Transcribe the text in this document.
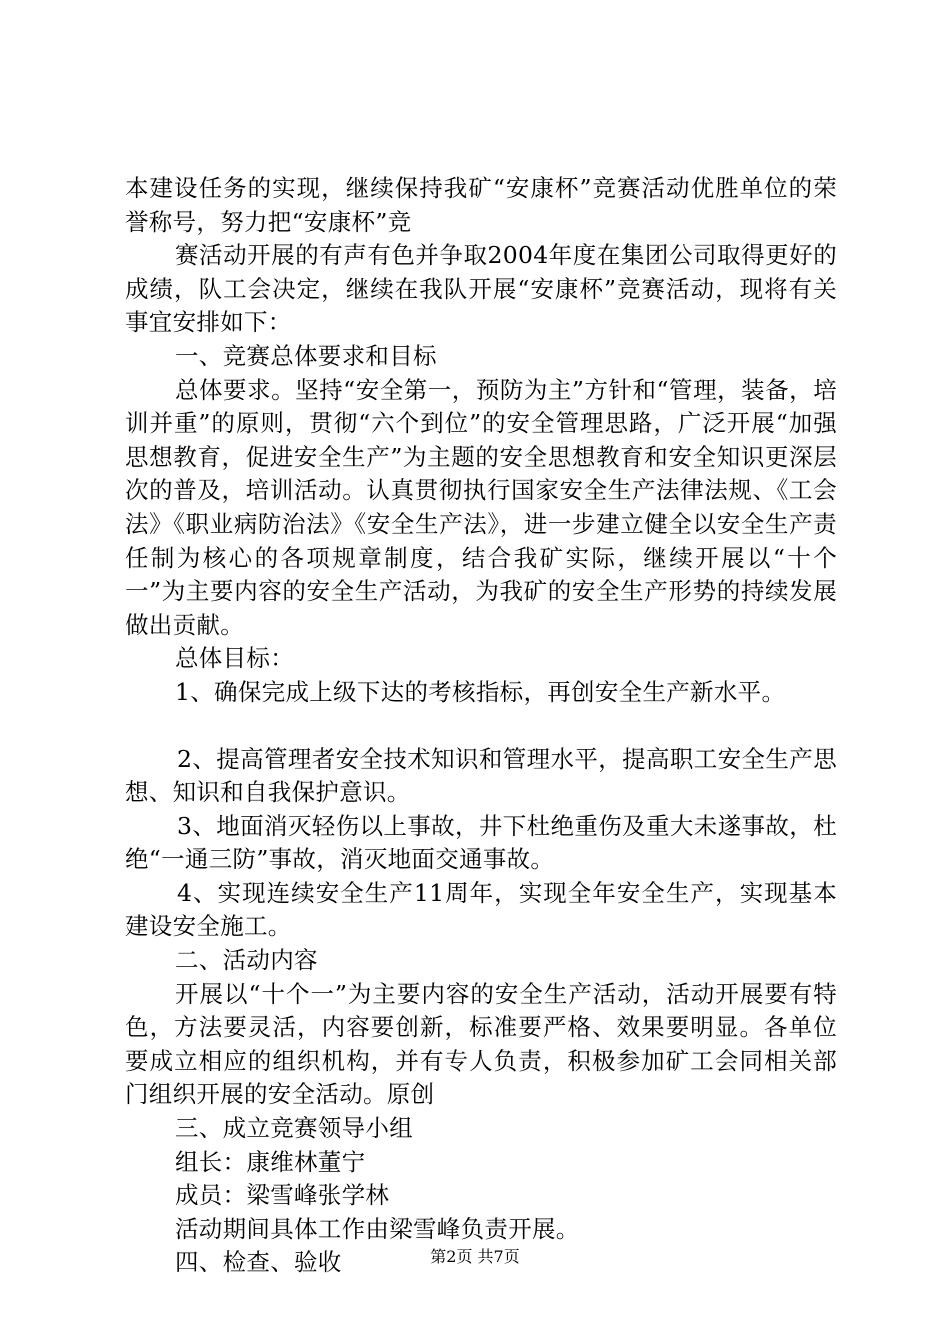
本建设任务的实现，继续保持我矿“安康杯”竞赛活动优胜单位的荣誉称号，努力把“安康杯”竞

赛活动开展的有声有色并争取2004年度在集团公司取得更好的成绩，队工会决定，继续在我队开展“安康杯”竞赛活动，现将有关事宜安排如下：

一、竞赛总体要求和目标

总体要求。坚持“安全第一，预防为主”方针和“管理，装备，培训并重”的原则，贯彻“六个到位”的安全管理思路，广泛开展“加强思想教育，促进安全生产”为主题的安全思想教育和安全知识更深层次的普及，培训活动。认真贯彻执行国家安全生产法律法规、《工会法》《职业病防治法》《安全生产法》，进一步建立健全以安全生产责任制为核心的各项规章制度，结合我矿实际，继续开展以“十个一”为主要内容的安全生产活动，为我矿的安全生产形势的持续发展做出贡献。

总体目标：

1、确保完成上级下达的考核指标，再创安全生产新水平。

2、提高管理者安全技术知识和管理水平，提高职工安全生产思想、知识和自我保护意识。

3、地面消灭轻伤以上事故，井下杜绝重伤及重大未遂事故，杜绝“一通三防”事故，消灭地面交通事故。

4、实现连续安全生产11周年，实现全年安全生产，实现基本建设安全施工。

二、活动内容

开展以“十个一”为主要内容的安全生产活动，活动开展要有特色，方法要灵活，内容要创新，标准要严格、效果要明显。各单位要成立相应的组织机构，并有专人负责，积极参加矿工会同相关部门组织开展的安全活动。原创

三、成立竞赛领导小组

组长：康维林董宁

成员：梁雪峰张学林

活动期间具体工作由梁雪峰负责开展。

四、检查、验收	第2页 共7页
